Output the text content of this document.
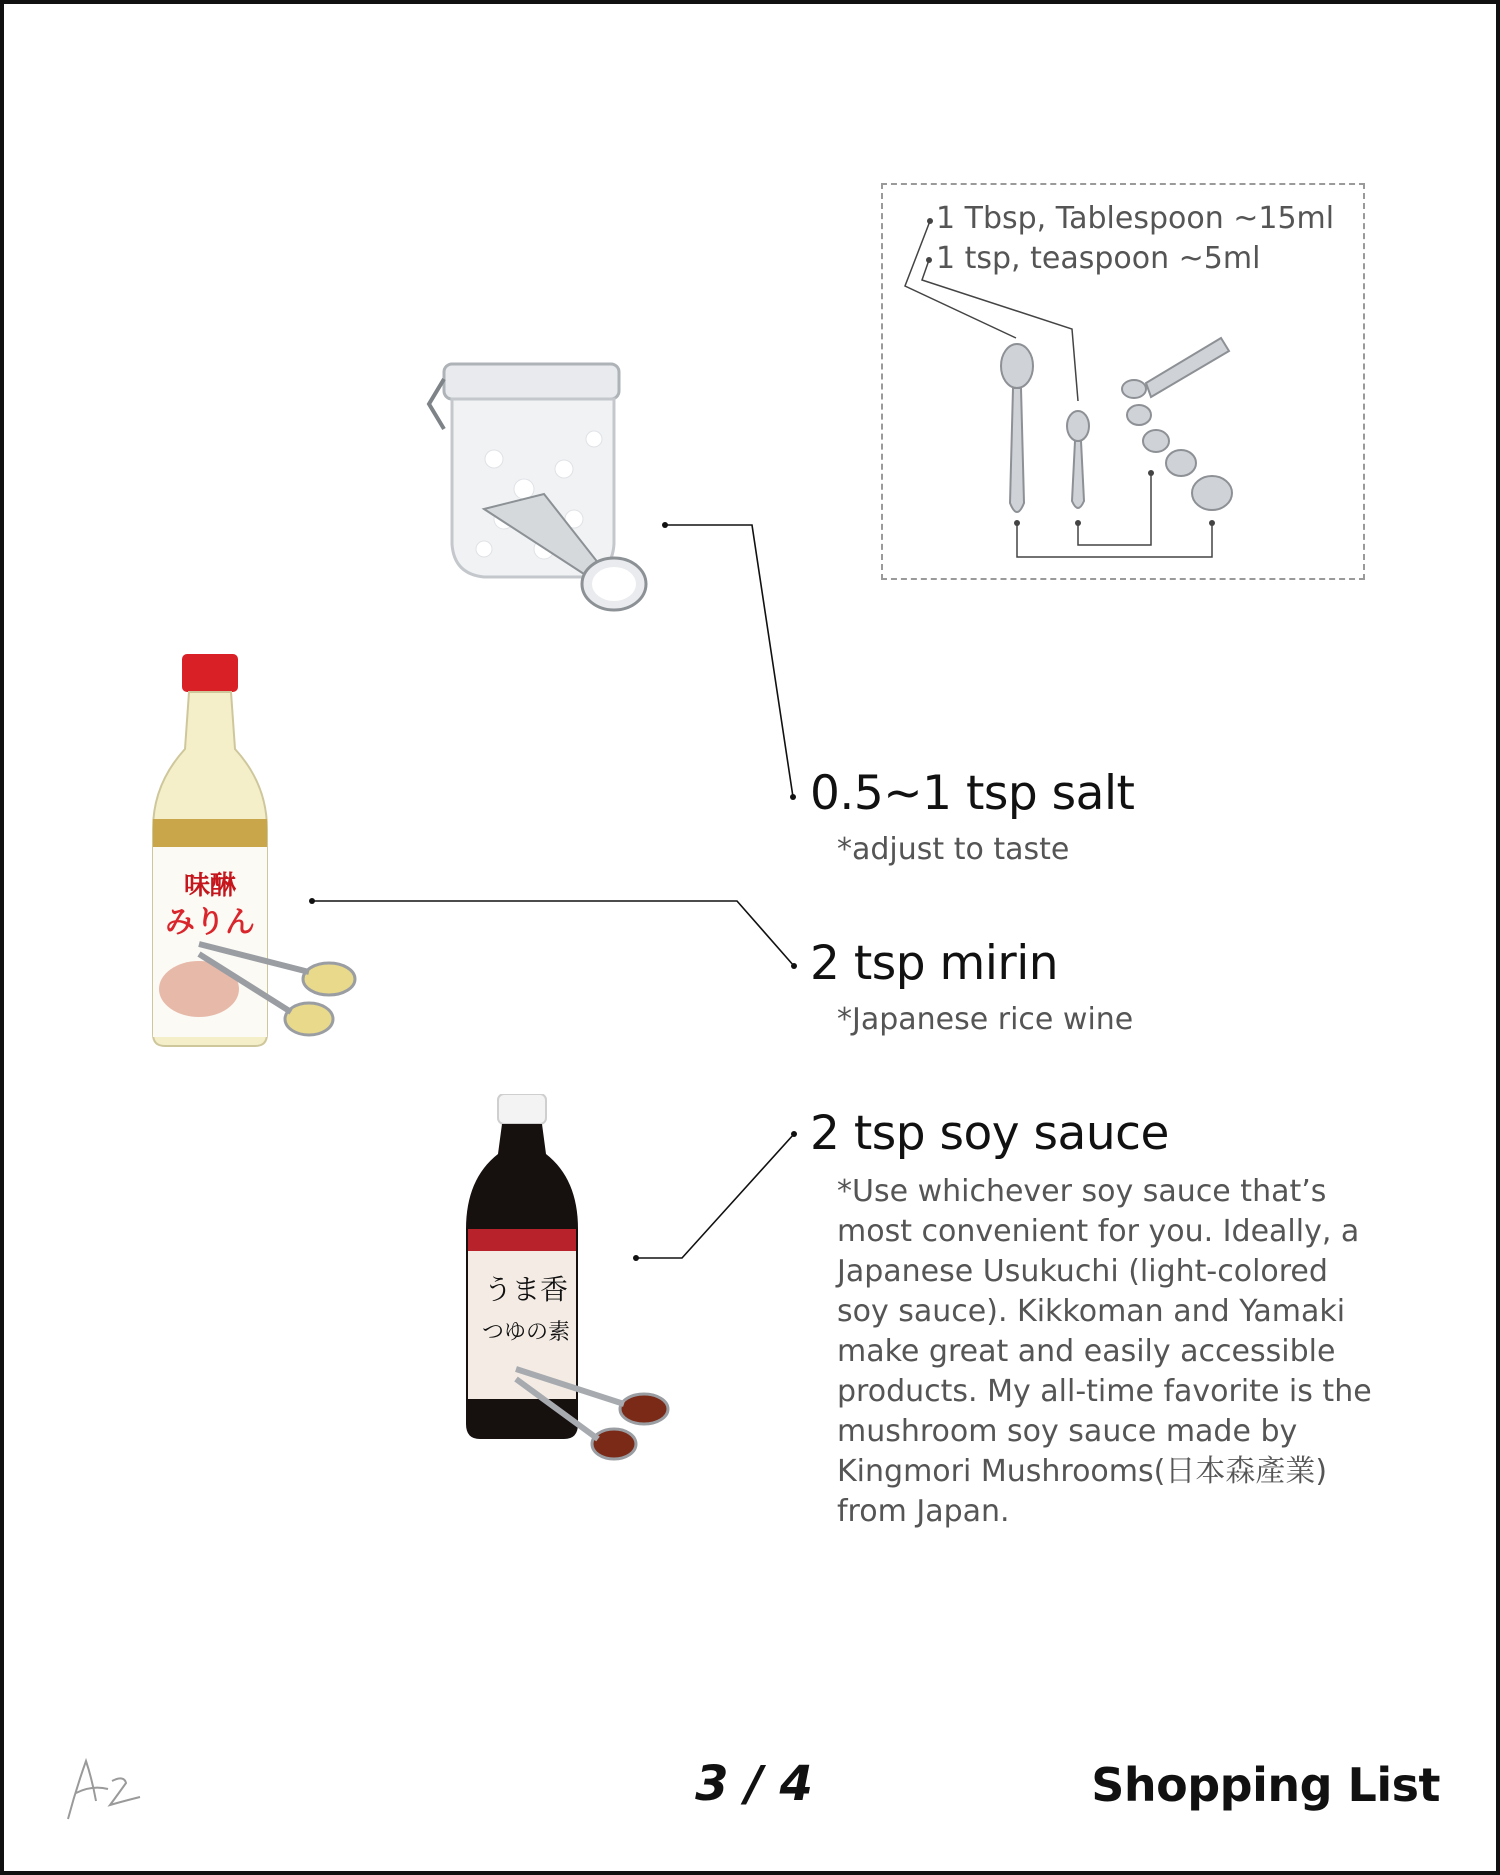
1 Tbsp, Tablespoon ~15ml
1 tsp, teaspoon ~5ml
味醂
みりん
うま香
つゆの素
0.5~1 tsp salt
*adjust to taste
2 tsp mirin
*Japanese rice wine
2 tsp soy sauce
*Use whichever soy sauce that’s
most convenient for you. Ideally, a
Japanese Usukuchi (light-colored
soy sauce). Kikkoman and Yamaki
make great and easily accessible
products. My all-time favorite is the
mushroom soy sauce made by
Kingmori Mushrooms(日本森產業)
from Japan.
3 / 4	Shopping List
